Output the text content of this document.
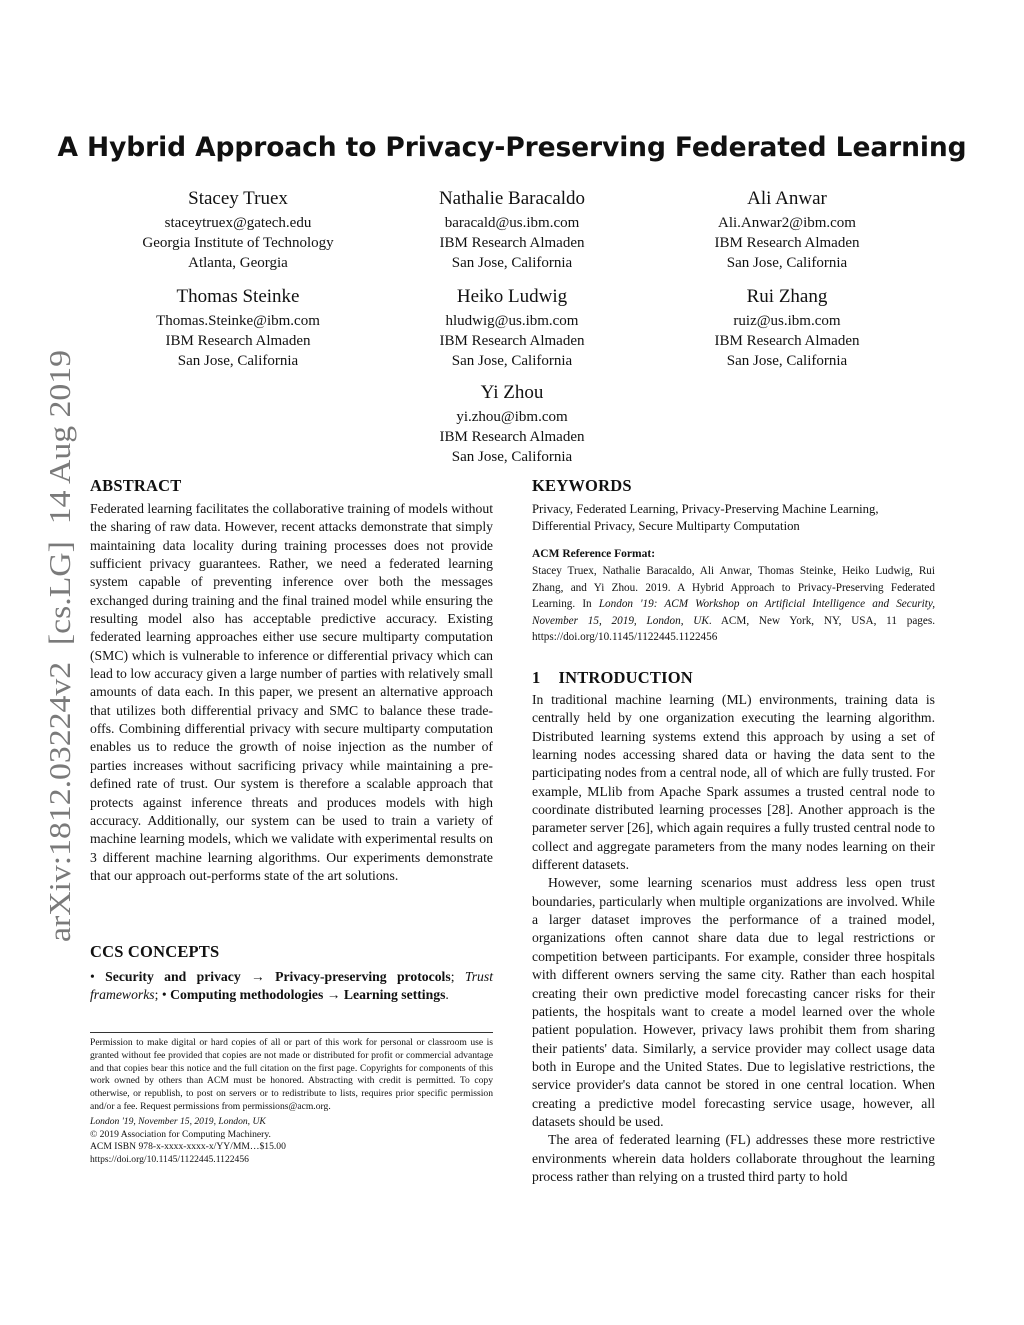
arXiv:1812.03224v2  [cs.LG]  14 Aug 2019
A Hybrid Approach to Privacy-Preserving Federated Learning
Stacey Truex
staceytruex@gatech.edu
Georgia Institute of Technology
Atlanta, Georgia
Nathalie Baracaldo
baracald@us.ibm.com
IBM Research Almaden
San Jose, California
Ali Anwar
Ali.Anwar2@ibm.com
IBM Research Almaden
San Jose, California
Thomas Steinke
Thomas.Steinke@ibm.com
IBM Research Almaden
San Jose, California
Heiko Ludwig
hludwig@us.ibm.com
IBM Research Almaden
San Jose, California
Rui Zhang
ruiz@us.ibm.com
IBM Research Almaden
San Jose, California
Yi Zhou
yi.zhou@ibm.com
IBM Research Almaden
San Jose, California
ABSTRACT

Federated learning facilitates the collaborative training of models without the sharing of raw data. However, recent attacks demonstrate that simply maintaining data locality during training processes does not provide sufficient privacy guarantees. Rather, we need a federated learning system capable of preventing inference over both the messages exchanged during training and the final trained model while ensuring the resulting model also has acceptable predictive accuracy. Existing federated learning approaches either use secure multiparty computation (SMC) which is vulnerable to inference or differential privacy which can lead to low accuracy given a large number of parties with relatively small amounts of data each. In this paper, we present an alternative approach that utilizes both differential privacy and SMC to balance these trade-offs. Combining differential privacy with secure multiparty computation enables us to reduce the growth of noise injection as the number of parties increases without sacrificing privacy while maintaining a pre-defined rate of trust. Our system is therefore a scalable approach that protects against inference threats and produces models with high accuracy. Additionally, our system can be used to train a variety of machine learning models, which we validate with experimental results on 3 different machine learning algorithms. Our experiments demonstrate that our approach out-performs state of the art solutions.

CCS CONCEPTS

• Security and privacy → Privacy-preserving protocols; Trust frameworks; • Computing methodologies → Learning settings.

Permission to make digital or hard copies of all or part of this work for personal or classroom use is granted without fee provided that copies are not made or distributed for profit or commercial advantage and that copies bear this notice and the full citation on the first page. Copyrights for components of this work owned by others than ACM must be honored. Abstracting with credit is permitted. To copy otherwise, or republish, to post on servers or to redistribute to lists, requires prior specific permission and/or a fee. Request permissions from permissions@acm.org.

London '19, November 15, 2019, London, UK

© 2019 Association for Computing Machinery.

ACM ISBN 978-x-xxxx-xxxx-x/YY/MM…$15.00

https://doi.org/10.1145/1122445.1122456

KEYWORDS

Privacy, Federated Learning, Privacy-Preserving Machine Learning, Differential Privacy, Secure Multiparty Computation

ACM Reference Format:

Stacey Truex, Nathalie Baracaldo, Ali Anwar, Thomas Steinke, Heiko Ludwig, Rui Zhang, and Yi Zhou. 2019. A Hybrid Approach to Privacy-Preserving Federated Learning. In London '19: ACM Workshop on Artificial Intelligence and Security, November 15, 2019, London, UK. ACM, New York, NY, USA, 11 pages. https://doi.org/10.1145/1122445.1122456

1 INTRODUCTION

In traditional machine learning (ML) environments, training data is centrally held by one organization executing the learning algorithm. Distributed learning systems extend this approach by using a set of learning nodes accessing shared data or having the data sent to the participating nodes from a central node, all of which are fully trusted. For example, MLlib from Apache Spark assumes a trusted central node to coordinate distributed learning processes [28]. Another approach is the parameter server [26], which again requires a fully trusted central node to collect and aggregate parameters from the many nodes learning on their different datasets.

However, some learning scenarios must address less open trust boundaries, particularly when multiple organizations are involved. While a larger dataset improves the performance of a trained model, organizations often cannot share data due to legal restrictions or competition between participants. For example, consider three hospitals with different owners serving the same city. Rather than each hospital creating their own predictive model forecasting cancer risks for their patients, the hospitals want to create a model learned over the whole patient population. However, privacy laws prohibit them from sharing their patients' data. Similarly, a service provider may collect usage data both in Europe and the United States. Due to legislative restrictions, the service provider's data cannot be stored in one central location. When creating a predictive model forecasting service usage, however, all datasets should be used.

The area of federated learning (FL) addresses these more restrictive environments wherein data holders collaborate throughout the learning process rather than relying on a trusted third party to hold
